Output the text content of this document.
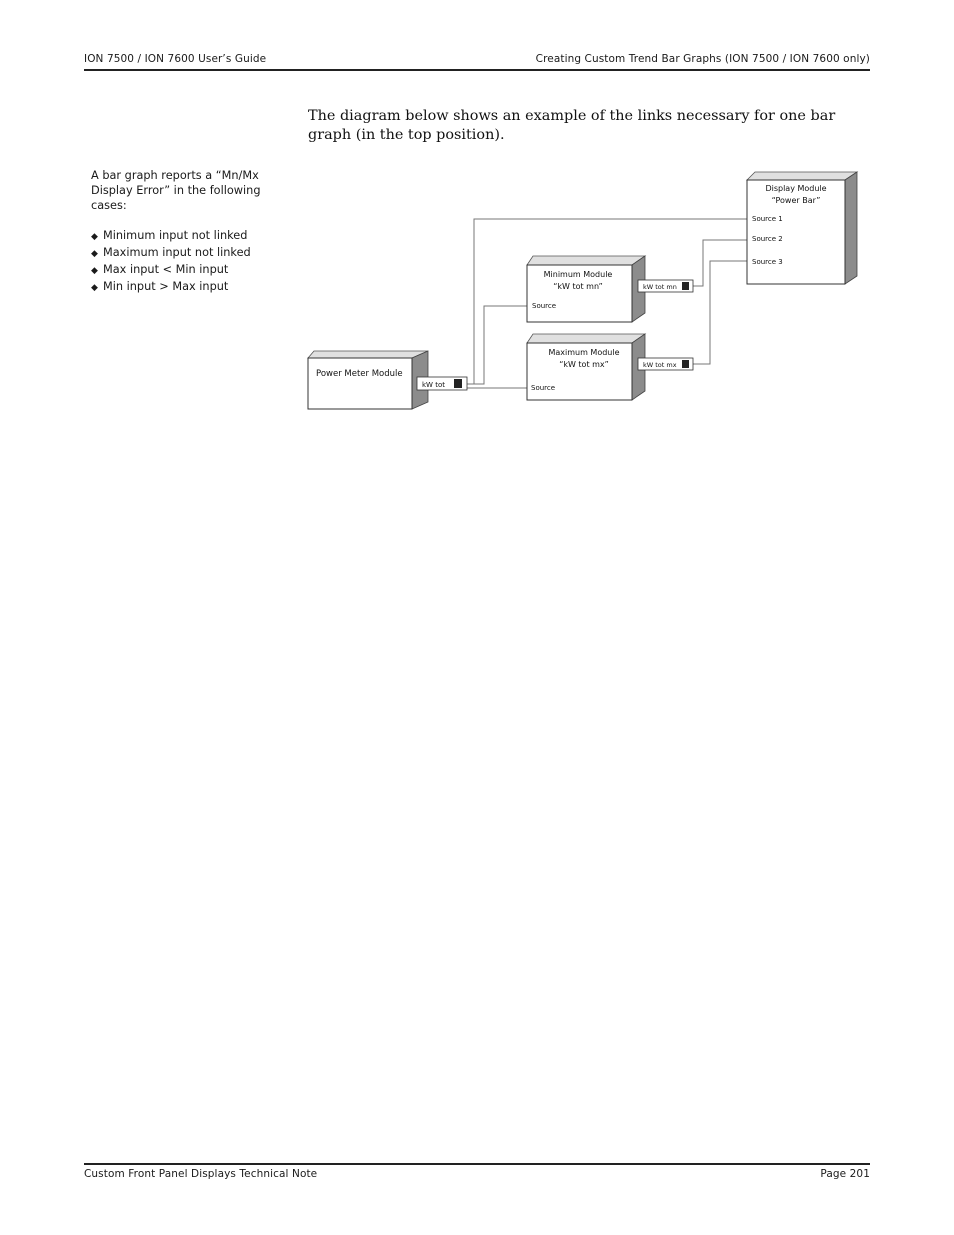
ION 7500 / ION 7600 User’s Guide	Creating Custom Trend Bar Graphs (ION 7500 / ION 7600 only)
The diagram below shows an example of the links necessary for one bar graph (in the top position).

A bar graph reports a “Mn/Mx Display Error” in the following cases:

◆ Minimum input not linked
◆ Maximum input not linked
◆ Max input < Min input
◆ Min input > Max input
Power Meter Module
kW tot
Minimum Module
“kW tot mn”
Source
kW tot mn
Maximum Module
“kW tot mx”
Source
kW tot mx
Display Module
“Power Bar”
Source 1
Source 2
Source 3
Custom Front Panel Displays Technical Note	Page 201
